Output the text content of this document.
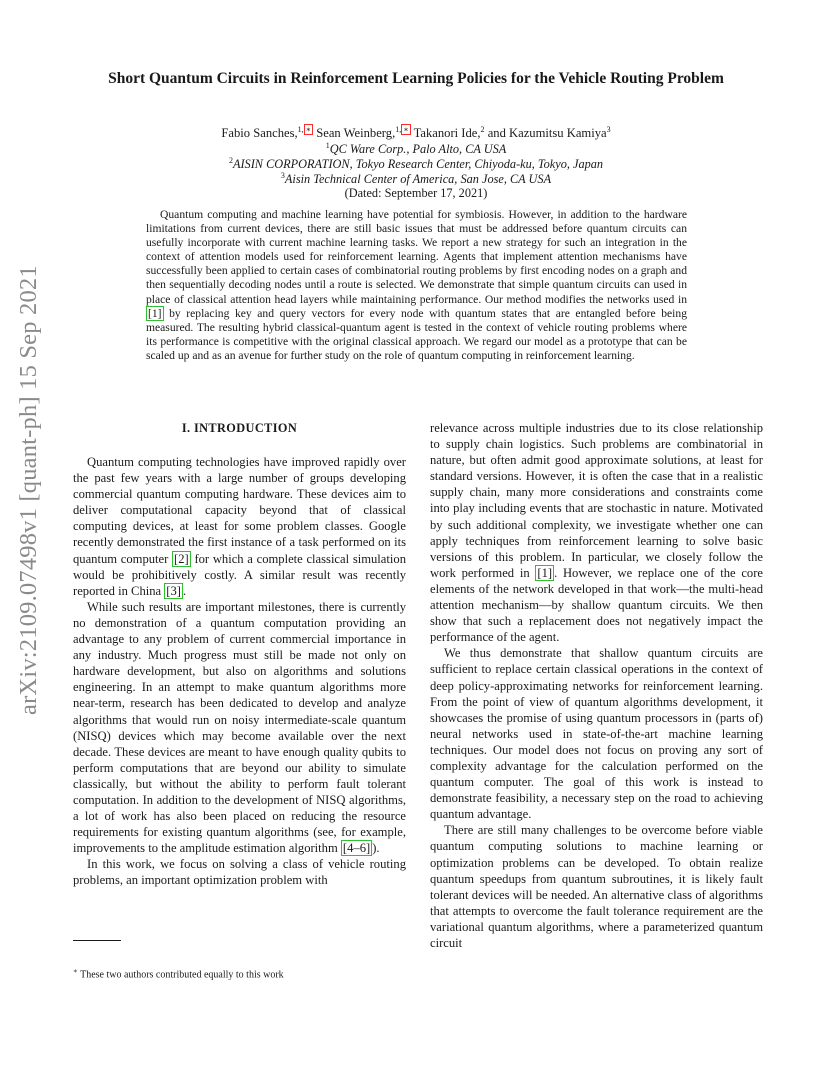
arXiv:2109.07498v1 [quant-ph] 15 Sep 2021
Short Quantum Circuits in Reinforcement Learning Policies for the Vehicle Routing Problem
Fabio Sanches,$^{1,}$ ∗ Sean Weinberg,$^{1,}$ ∗ Takanori Ide,$^2$ and Kazumitsu Kamiya$^3$
$^1$QC Ware Corp., Palo Alto, CA USA
$^2$AISIN CORPORATION, Tokyo Research Center, Chiyoda-ku, Tokyo, Japan
$^3$Aisin Technical Center of America, San Jose, CA USA
(Dated: September 17, 2021)

Quantum computing and machine learning have potential for symbiosis. However, in addition to the hardware limitations from current devices, there are still basic issues that must be addressed before quantum circuits can usefully incorporate with current machine learning tasks. We report a new strategy for such an integration in the context of attention models used for reinforcement learning. Agents that implement attention mechanisms have successfully been applied to certain cases of combinatorial routing problems by first encoding nodes on a graph and then sequentially decoding nodes until a route is selected. We demonstrate that simple quantum circuits can used in place of classical attention head layers while maintaining performance. Our method modifies the networks used in [1] by replacing key and query vectors for every node with quantum states that are entangled before being measured. The resulting hybrid classical-quantum agent is tested in the context of vehicle routing problems where its performance is competitive with the original classical approach. We regard our model as a prototype that can be scaled up and as an avenue for further study on the role of quantum computing in reinforcement learning.

I. INTRODUCTION

Quantum computing technologies have improved rapidly over the past few years with a large number of groups developing commercial quantum computing hardware. These devices aim to deliver computational capacity beyond that of classical computing devices, at least for some problem classes. Google recently demonstrated the first instance of a task performed on its quantum computer [2] for which a complete classical simulation would be prohibitively costly. A similar result was recently reported in China [3] .

While such results are important milestones, there is currently no demonstration of a quantum computation providing an advantage to any problem of current commercial importance in any industry. Much progress must still be made not only on hardware development, but also on algorithms and solutions engineering. In an attempt to make quantum algorithms more near-term, research has been dedicated to develop and analyze algorithms that would run on noisy intermediate-scale quantum (NISQ) devices which may become available over the next decade. These devices are meant to have enough quality qubits to perform computations that are beyond our ability to simulate classically, but without the ability to perform fault tolerant computation. In addition to the development of NISQ algorithms, a lot of work has also been placed on reducing the resource requirements for existing quantum algorithms (see, for example, improvements to the amplitude estimation algorithm [4–6] ).

In this work, we focus on solving a class of vehicle routing problems, an important optimization problem with

relevance across multiple industries due to its close relationship to supply chain logistics. Such problems are combinatorial in nature, but often admit good approximate solutions, at least for standard versions. However, it is often the case that in a realistic supply chain, many more considerations and constraints come into play including events that are stochastic in nature. Motivated by such additional complexity, we investigate whether one can apply techniques from reinforcement learning to solve basic versions of this problem. In particular, we closely follow the work performed in [1] . However, we replace one of the core elements of the network developed in that work—the multi-head attention mechanism—by shallow quantum circuits. We then show that such a replacement does not negatively impact the performance of the agent.

We thus demonstrate that shallow quantum circuits are sufficient to replace certain classical operations in the context of deep policy-approximating networks for reinforcement learning. From the point of view of quantum algorithms development, it showcases the promise of using quantum processors in (parts of) neural networks used in state-of-the-art machine learning techniques. Our model does not focus on proving any sort of complexity advantage for the calculation performed on the quantum computer. The goal of this work is instead to demonstrate feasibility, a necessary step on the road to achieving quantum advantage.

There are still many challenges to be overcome before viable quantum computing solutions to machine learning or optimization problems can be developed. To obtain realize quantum speedups from quantum subroutines, it is likely fault tolerant devices will be needed. An alternative class of algorithms that attempts to overcome the fault tolerance requirement are the variational quantum algorithms, where a parameterized quantum circuit

∗ These two authors contributed equally to this work
